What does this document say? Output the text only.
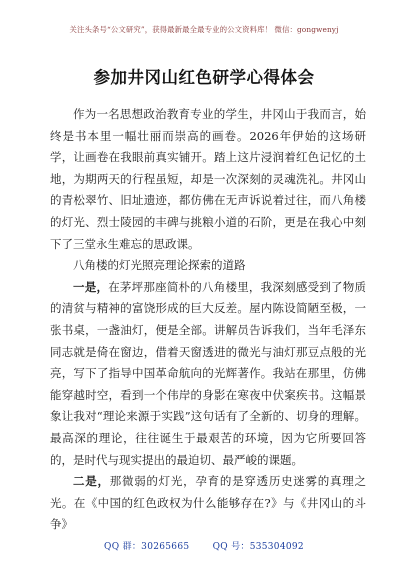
关注头条号“公文研究”，获得最新最全最专业的公文资料库！ 微信：gongwenyj
参加井冈山红色研学心得体会

作为一名思想政治教育专业的学生，井冈山于我而言，始终是书本里一幅壮丽而崇高的画卷。2026年伊始的这场研学，让画卷在我眼前真实铺开。踏上这片浸润着红色记忆的土地，为期两天的行程虽短，却是一次深刻的灵魂洗礼。井冈山的青松翠竹、旧址遗迹，都仿佛在无声诉说着过往，而八角楼的灯光、烈士陵园的丰碑与挑粮小道的石阶，更是在我心中刻下了三堂永生难忘的思政课。

八角楼的灯光照亮理论探索的道路

一是，在茅坪那座简朴的八角楼里，我深刻感受到了物质的清贫与精神的富饶形成的巨大反差。屋内陈设简陋至极，一张书桌，一盏油灯，便是全部。讲解员告诉我们，当年毛泽东同志就是倚在窗边，借着天窗透进的微光与油灯那豆点般的光亮，写下了指导中国革命航向的光辉著作。我站在那里，仿佛能穿越时空，看到一个伟岸的身影在寒夜中伏案疾书。这幅景象让我对“理论来源于实践”这句话有了全新的、切身的理解。最高深的理论，往往诞生于最艰苦的环境，因为它所要回答的，是时代与现实提出的最迫切、最严峻的课题。

二是，那微弱的灯光，孕育的是穿透历史迷雾的真理之光。在《中国的红色政权为什么能够存在?》与《井冈山的斗争》

QQ 群：30265665	QQ 号：535304092
